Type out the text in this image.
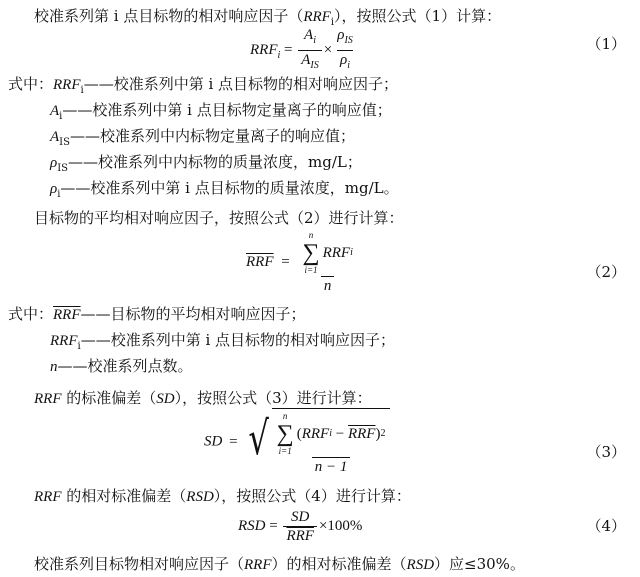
校准系列第 i 点目标物的相对响应因子$(RRF_i)$，按照公式（1）计算：
$RRF_i = \frac{A_i}{A_{IS}} \times \frac{\rho_{IS}}{\rho_i}$	（1）
式中：$RRF_i——$校准系列中第 i 点目标物的相对响应因子；
$A_i——$校准系列中第 i 点目标物定量离子的响应值；
$A_{IS}——$校准系列中内标物定量离子的响应值；
$\rho_{IS}——$校准系列中内标物的质量浓度，mg/L；
$\rho_i——$校准系列中第 i 点目标物的质量浓度，mg/L。
目标物的平均相对响应因子，按照公式（2）进行计算：
$\overline{RRF} = n$
∑
i=1
RRF i
n	（2）
式中：$\overline{RRF}——$目标物的平均相对响应因子；
$RRF_i——$校准系列中第 i 点目标物的相对响应因子；
n——校准系列点数。
RRF 的标准偏差（SD），按照公式（3）进行计算：
SD = √ n
∑
i=1
( RRF $i - \overline{RRF}$ ) 2
n − 1
（3）
RRF 的相对标准偏差（RSD），按照公式（4）进行计算：
RSD = $\frac{SD}{\text{RRF}} \times 100\%$	（4）
校准系列目标物相对响应因子（RRF）的相对标准偏差（RSD）应≤30%。
